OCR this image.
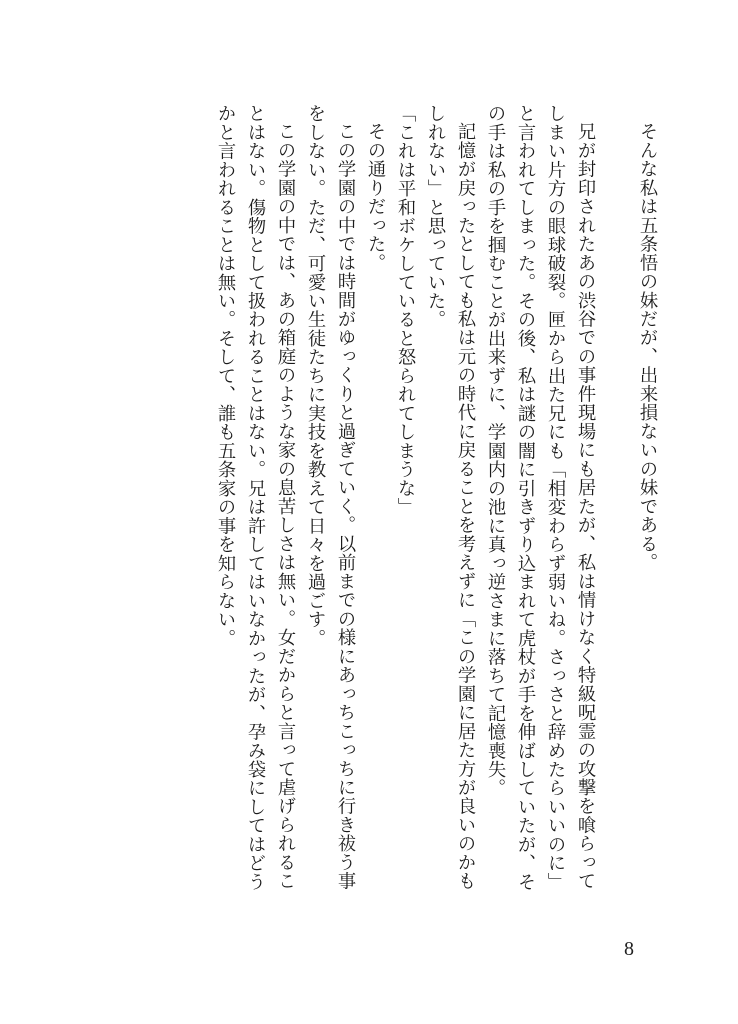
そんな私は五条悟の妹だが、出来損ないの妹である。

兄が封印されたあの渋谷での事件現場にも居たが、私は情けなく特級呪霊の攻撃を喰らってしまい片方の眼球破裂。匣から出た兄にも「相変わらず弱いね。さっさと辞めたらいいのに」と言われてしまった。その後、私は謎の闇に引きずり込まれて虎杖が手を伸ばしていたが、その手は私の手を掴むことが出来ずに、学園内の池に真っ逆さまに落ちて記憶喪失。

記憶が戻ったとしても私は元の時代に戻ることを考えずに「この学園に居た方が良いのかもしれない」と思っていた。

「これは平和ボケしていると怒られてしまうな」

その通りだった。

この学園の中では時間がゆっくりと過ぎていく。以前までの様にあっちこっちに行き祓う事をしない。ただ、可愛い生徒たちに実技を教えて日々を過ごす。

この学園の中では、あの箱庭のような家の息苦しさは無い。女だからと言って虐げられることはない。傷物として扱われることはない。兄は許してはいなかったが、孕み袋にしてはどうかと言われることは無い。そして、誰も五条家の事を知らない。

8
